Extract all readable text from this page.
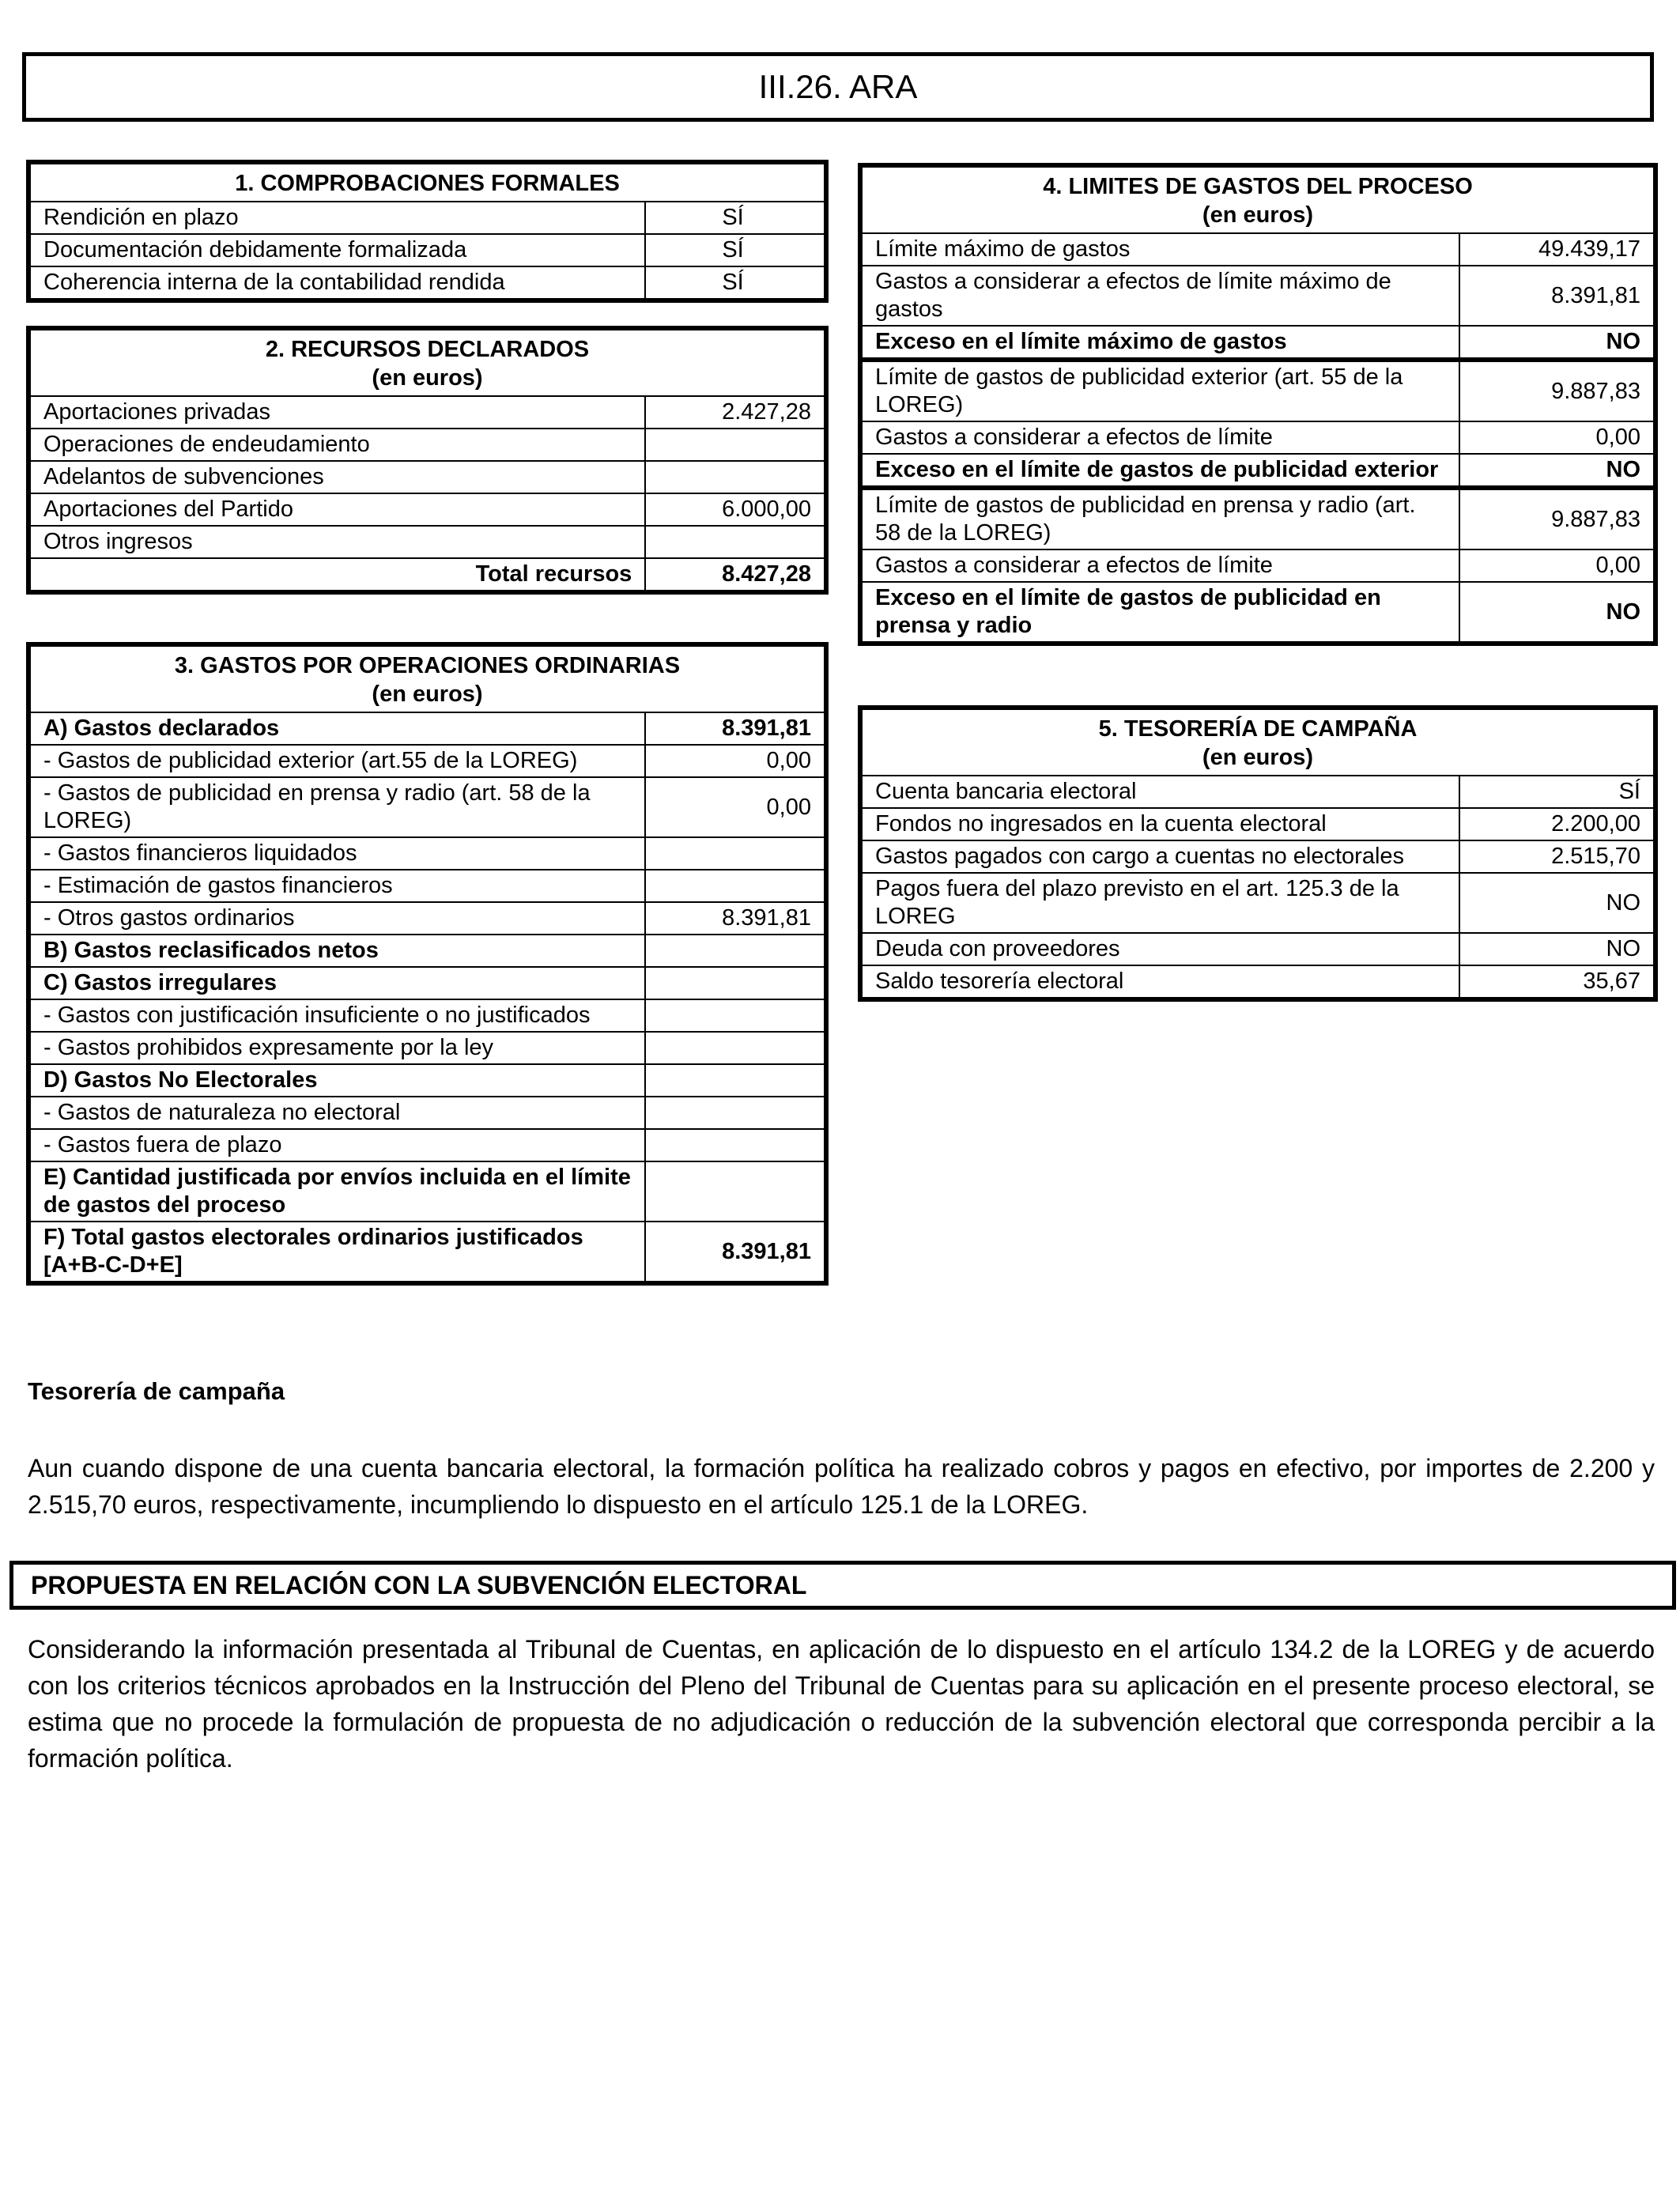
III.26. ARA
1. COMPROBACIONES FORMALES	
Rendición en plazo	SÍ
Documentación debidamente formalizada	SÍ
Coherencia interna de la contabilidad rendida	SÍ
2. RECURSOS DECLARADOS
(en euros)	
Aportaciones privadas	2.427,28
Operaciones de endeudamiento	
Adelantos de subvenciones	
Aportaciones del Partido	6.000,00
Otros ingresos	
Total recursos	8.427,28
3. GASTOS POR OPERACIONES ORDINARIAS
(en euros)	
A) Gastos declarados	8.391,81
- Gastos de publicidad exterior (art.55 de la LOREG)	0,00
- Gastos de publicidad en prensa y radio (art. 58 de la LOREG)	0,00
- Gastos financieros liquidados	
- Estimación de gastos financieros	
- Otros gastos ordinarios	8.391,81
B) Gastos reclasificados netos	
C) Gastos irregulares	
- Gastos con justificación insuficiente o no justificados	
- Gastos prohibidos expresamente por la ley	
D) Gastos No Electorales	
- Gastos de naturaleza no electoral	
- Gastos fuera de plazo	
E) Cantidad justificada por envíos incluida en el límite de gastos del proceso	
F) Total gastos electorales ordinarios justificados [A+B-C-D+E]	8.391,81
4. LIMITES DE GASTOS DEL PROCESO
(en euros)	
Límite máximo de gastos	49.439,17
Gastos a considerar a efectos de límite máximo de gastos	8.391,81
Exceso en el límite máximo de gastos	NO
Límite de gastos de publicidad exterior (art. 55 de la LOREG)	9.887,83
Gastos a considerar a efectos de límite	0,00
Exceso en el límite de gastos de publicidad exterior	NO
Límite de gastos de publicidad en prensa y radio (art. 58 de la LOREG)	9.887,83
Gastos a considerar a efectos de límite	0,00
Exceso en el límite de gastos de publicidad en prensa y radio	NO
5. TESORERÍA DE CAMPAÑA
(en euros)	
Cuenta bancaria electoral	SÍ
Fondos no ingresados en la cuenta electoral	2.200,00
Gastos pagados con cargo a cuentas no electorales	2.515,70
Pagos fuera del plazo previsto en el art. 125.3 de la LOREG	NO
Deuda con proveedores	NO
Saldo tesorería electoral	35,67
Tesorería de campaña
Aun cuando dispone de una cuenta bancaria electoral, la formación política ha realizado cobros y pagos en efectivo, por importes de 2.200 y 2.515,70 euros, respectivamente, incumpliendo lo dispuesto en el artículo 125.1 de la LOREG.
PROPUESTA EN RELACIÓN CON LA SUBVENCIÓN ELECTORAL
Considerando la información presentada al Tribunal de Cuentas, en aplicación de lo dispuesto en el artículo 134.2 de la LOREG y de acuerdo con los criterios técnicos aprobados en la Instrucción del Pleno del Tribunal de Cuentas para su aplicación en el presente proceso electoral, se estima que no procede la formulación de propuesta de no adjudicación o reducción de la subvención electoral que corresponda percibir a la formación política.
